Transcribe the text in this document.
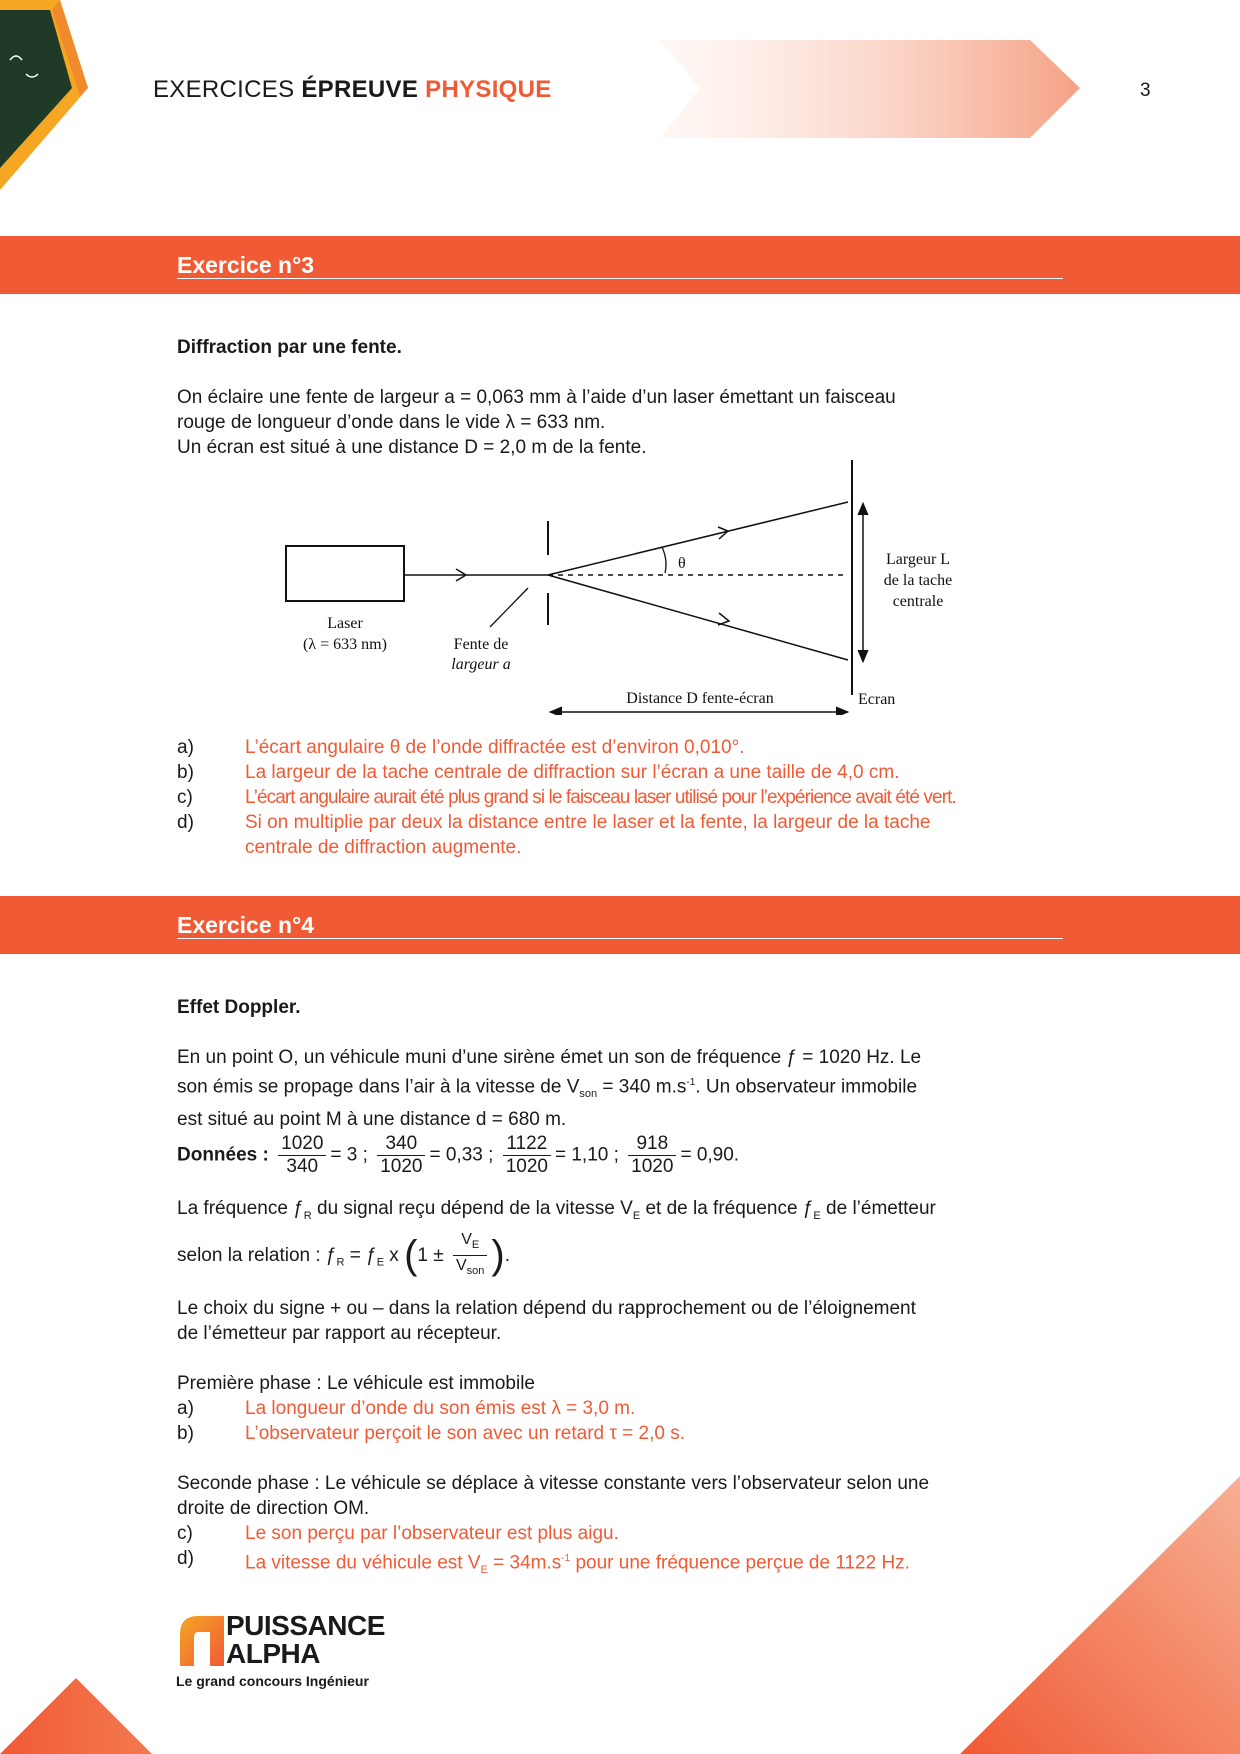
EXERCICES ÉPREUVE PHYSIQUE	3
Exercice n°3
Diffraction par une fente.
On éclaire une fente de largeur a = 0,063 mm à l’aide d’un laser émettant un faisceau
rouge de longueur d’onde dans le vide λ = 633 nm.
Un écran est situé à une distance D = 2,0 m de la fente.
Laser
(λ = 633 nm)	Fente de
largeur a
θ	Largeur L
de la tache
centrale
Distance D fente-écran	Ecran
a)	L’écart angulaire θ de l’onde diffractée est d’environ 0,010°.
b)	La largeur de la tache centrale de diffraction sur l’écran a une taille de 4,0 cm.
c)	L’écart angulaire aurait été plus grand si le faisceau laser utilisé pour l’expérience avait été vert.
d)	Si on multiplie par deux la distance entre le laser et la fente, la largeur de la tache
centrale de diffraction augmente.
Exercice n°4
Effet Doppler.
En un point O, un véhicule muni d’une sirène émet un son de fréquence ƒ = 1020 Hz. Le
son émis se propage dans l’air à la vitesse de $V_{son} = 340$ $m.s^{-1}$. Un observateur immobile
est situé au point M à une distance d = 680 m.
Données : $\frac{1020}{340} = 3$ ; $\frac{340}{1020} = 0,33$ ; $\frac{1122}{1020} = 1,10$ ; $\frac{918}{1020} = 0,90$.
La fréquence $ƒ_R$ du signal reçu dépend de la vitesse $V_E$ et de la fréquence $ƒ_E$ de l’émetteur
selon la relation : $ƒ_R$ = $ƒ_E$ x ($1 \pm \frac{V_E}{V_{son}}$ ).
Le choix du signe + ou – dans la relation dépend du rapprochement ou de l’éloignement
de l’émetteur par rapport au récepteur.
Première phase : Le véhicule est immobile
a)	La longueur d’onde du son émis est λ = 3,0 m.
b)	L’observateur perçoit le son avec un retard τ = 2,0 s.
Seconde phase : Le véhicule se déplace à vitesse constante vers l’observateur selon une
droite de direction OM.
c)	Le son perçu par l’observateur est plus aigu.
d)	La vitesse du véhicule est $V_E = 34m.s^{-1}$ pour une fréquence perçue de 1122 Hz.
PUISSANCE
ALPHA
Le grand concours Ingénieur
